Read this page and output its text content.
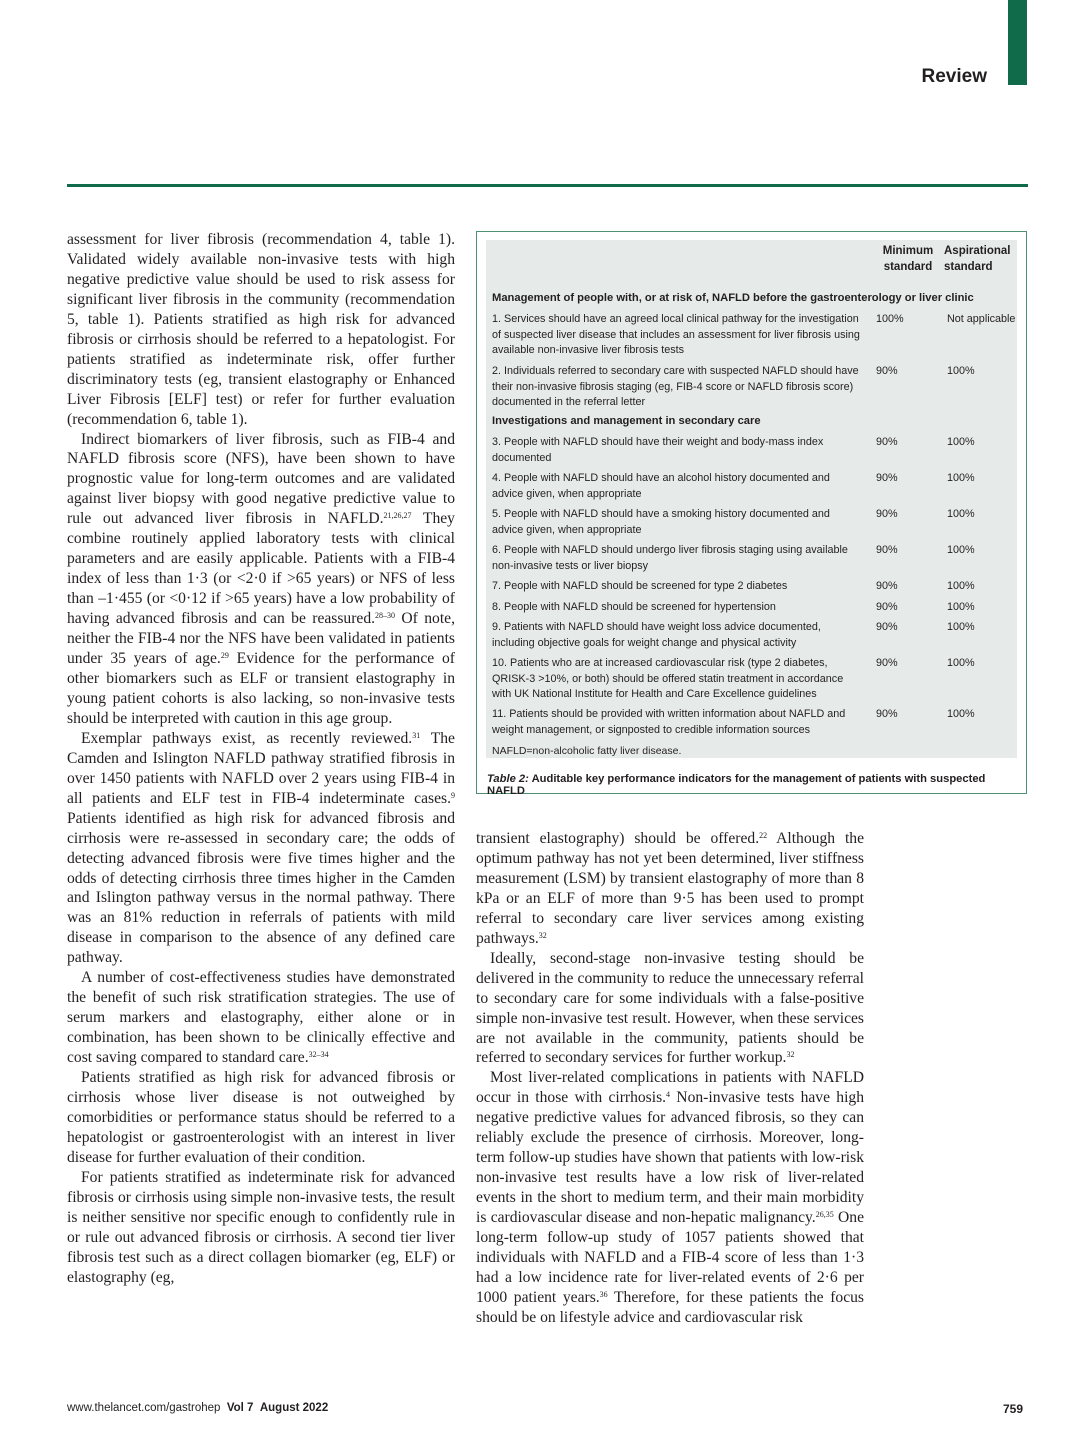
Review

assessment for liver fibrosis (recommendation 4, table 1). Validated widely available non-invasive tests with high negative predictive value should be used to risk assess for significant liver fibrosis in the community (recommendation 5, table 1). Patients stratified as high risk for advanced fibrosis or cirrhosis should be referred to a hepatologist. For patients stratified as indeterminate risk, offer further discriminatory tests (eg, transient elastography or Enhanced Liver Fibrosis [ELF] test) or refer for further evaluation (recommendation 6, table 1).

Indirect biomarkers of liver fibrosis, such as FIB-4 and NAFLD fibrosis score (NFS), have been shown to have prognostic value for long-term outcomes and are validated against liver biopsy with good negative predictive value to rule out advanced liver fibrosis in NAFLD.$^{21,26,27}$ They combine routinely applied laboratory tests with clinical parameters and are easily applicable. Patients with a FIB-4 index of less than 1·3 (or <2·0 if >65 years) or NFS of less than –1·455 (or <0·12 if >65 years) have a low probability of having advanced fibrosis and can be reassured.$^{28-30}$ Of note, neither the FIB-4 nor the NFS have been validated in patients under 35 years of age.$^{29}$ Evidence for the performance of other biomarkers such as ELF or transient elastography in young patient cohorts is also lacking, so non-invasive tests should be interpreted with caution in this age group.

Exemplar pathways exist, as recently reviewed.$^{31}$ The Camden and Islington NAFLD pathway stratified fibrosis in over 1450 patients with NAFLD over 2 years using FIB-4 in all patients and ELF test in FIB-4 indeterminate cases.$^9$ Patients identified as high risk for advanced fibrosis and cirrhosis were re-assessed in secondary care; the odds of detecting advanced fibrosis were five times higher and the odds of detecting cirrhosis three times higher in the Camden and Islington pathway versus in the normal pathway. There was an 81% reduction in referrals of patients with mild disease in comparison to the absence of any defined care pathway.

A number of cost-effectiveness studies have demonstrated the benefit of such risk stratification strategies. The use of serum markers and elastography, either alone or in combination, has been shown to be clinically effective and cost saving compared to standard care.$^{32-34}$

Patients stratified as high risk for advanced fibrosis or cirrhosis whose liver disease is not outweighed by comorbidities or performance status should be referred to a hepatologist or gastroenterologist with an interest in liver disease for further evaluation of their condition.

For patients stratified as indeterminate risk for advanced fibrosis or cirrhosis using simple non-invasive tests, the result is neither sensitive nor specific enough to confidently rule in or rule out advanced fibrosis or cirrhosis. A second tier liver fibrosis test such as a direct collagen biomarker (eg, ELF) or elastography (eg,

transient elastography) should be offered.$^{22}$ Although the optimum pathway has not yet been determined, liver stiffness measurement (LSM) by transient elastography of more than 8 kPa or an ELF of more than 9·5 has been used to prompt referral to secondary care liver services among existing pathways.$^{32}$

Ideally, second-stage non-invasive testing should be delivered in the community to reduce the unnecessary referral to secondary care for some individuals with a false-positive simple non-invasive test result. However, when these services are not available in the community, patients should be referred to secondary services for further workup.$^{32}$

Most liver-related complications in patients with NAFLD occur in those with cirrhosis.$^4$ Non-invasive tests have high negative predictive values for advanced fibrosis, so they can reliably exclude the presence of cirrhosis. Moreover, long-term follow-up studies have shown that patients with low-risk non-invasive test results have a low risk of liver-related events in the short to medium term, and their main morbidity is cardiovascular disease and non-hepatic malignancy.$^{26,35}$ One long-term follow-up study of 1057 patients showed that individuals with NAFLD and a FIB-4 score of less than 1·3 had a low incidence rate for liver-related events of 2·6 per 1000 patient years.$^{36}$ Therefore, for these patients the focus should be on lifestyle advice and cardiovascular risk

Minimum standard
Aspirational standard
Management of people with, or at risk of, NAFLD before the gastroenterology or liver clinic
1. Services should have an agreed local clinical pathway for the investigation of suspected liver disease that includes an assessment for liver fibrosis using available non-invasive liver fibrosis tests
100%	Not applicable
2. Individuals referred to secondary care with suspected NAFLD should have their non-invasive fibrosis staging (eg, FIB-4 score or NAFLD fibrosis score) documented in the referral letter
90%	100%
Investigations and management in secondary care
3. People with NAFLD should have their weight and body-mass index documented
90%	100%
4. People with NAFLD should have an alcohol history documented and advice given, when appropriate
90%	100%
5. People with NAFLD should have a smoking history documented and advice given, when appropriate
90%	100%
6. People with NAFLD should undergo liver fibrosis staging using available non-invasive tests or liver biopsy
90%	100%
7. People with NAFLD should be screened for type 2 diabetes	90%	100%
8. People with NAFLD should be screened for hypertension	90%	100%
9. Patients with NAFLD should have weight loss advice documented, including objective goals for weight change and physical activity
90%	100%
10. Patients who are at increased cardiovascular risk (type 2 diabetes, QRISK-3 >10%, or both) should be offered statin treatment in accordance with UK National Institute for Health and Care Excellence guidelines
90%	100%
11. Patients should be provided with written information about NAFLD and weight management, or signposted to credible information sources
90%	100%
NAFLD=non-alcoholic fatty liver disease.
Table 2: Auditable key performance indicators for the management of patients with suspected NAFLD
www.thelancet.com/gastrohep Vol 7 August 2022	759
